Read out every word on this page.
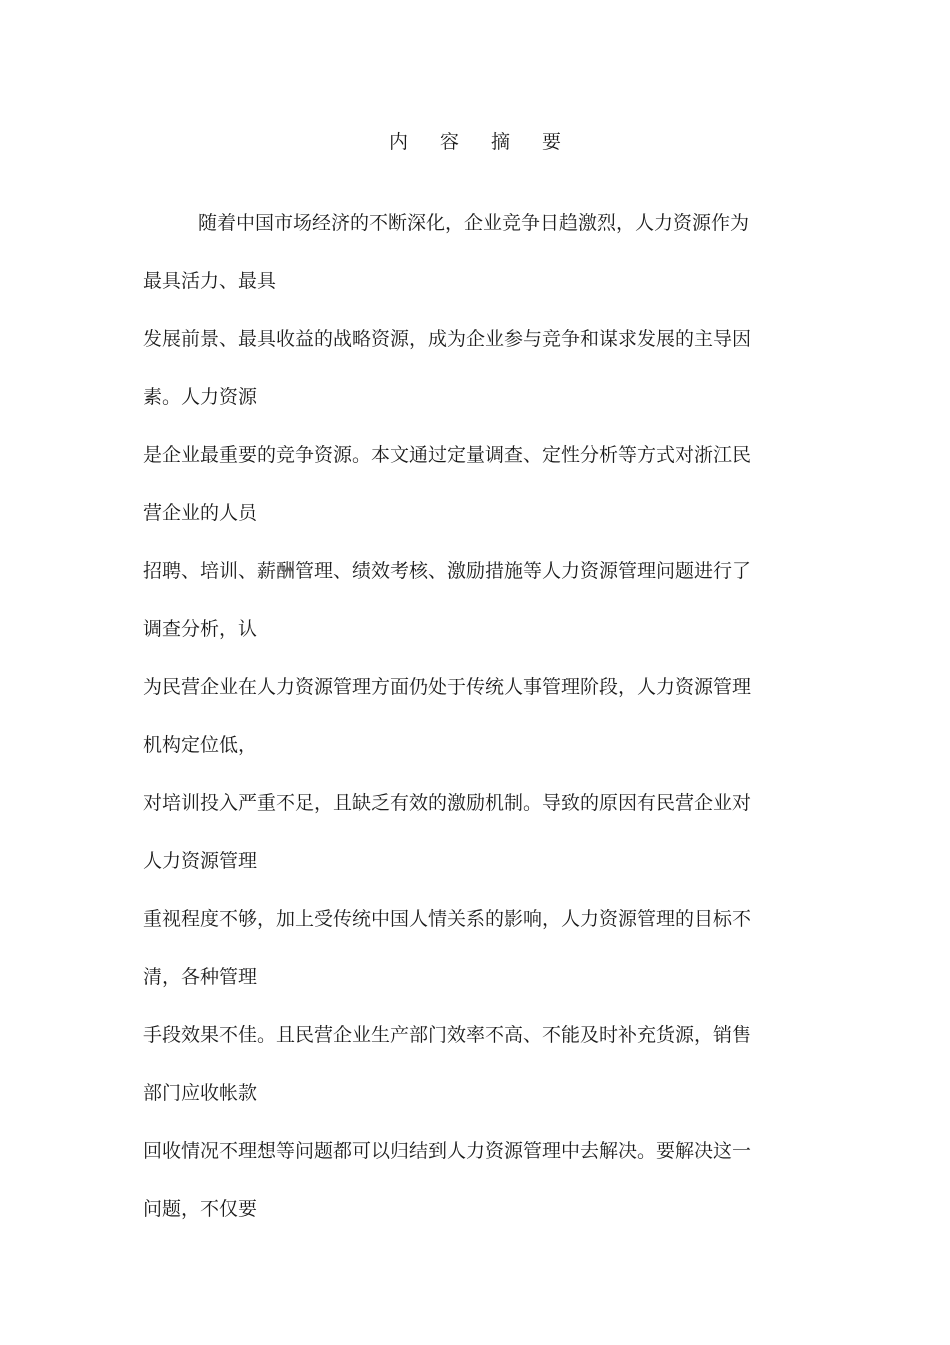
内 容 摘 要

随着中国市场经济的不断深化，企业竞争日趋激烈，人力资源作为

最具活力、最具

发展前景、最具收益的战略资源，成为企业参与竞争和谋求发展的主导因

素。人力资源

是企业最重要的竞争资源。本文通过定量调查、定性分析等方式对浙江民

营企业的人员

招聘、培训、薪酬管理、绩效考核、激励措施等人力资源管理问题进行了

调查分析，认

为民营企业在人力资源管理方面仍处于传统人事管理阶段，人力资源管理

机构定位低，

对培训投入严重不足，且缺乏有效的激励机制。导致的原因有民营企业对

人力资源管理

重视程度不够，加上受传统中国人情关系的影响，人力资源管理的目标不

清，各种管理

手段效果不佳。且民营企业生产部门效率不高、不能及时补充货源，销售

部门应收帐款

回收情况不理想等问题都可以归结到人力资源管理中去解决。要解决这一

问题，不仅要
